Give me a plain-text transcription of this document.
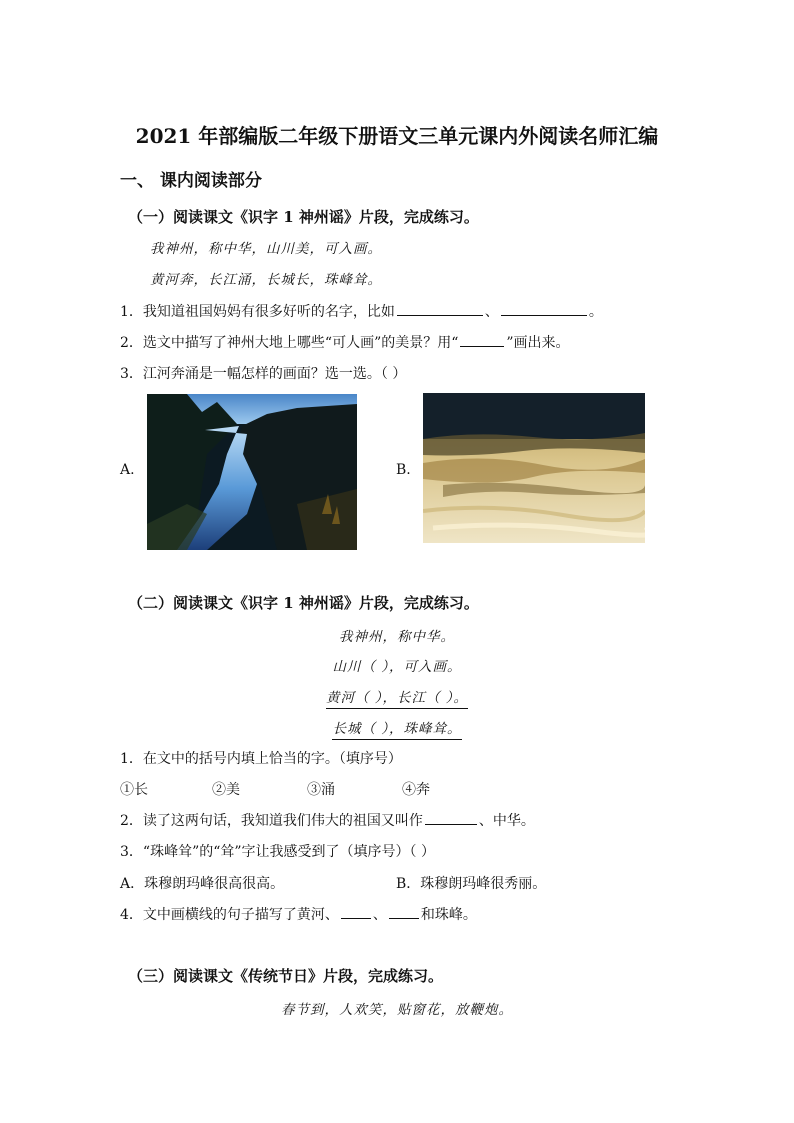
2021 年部编版二年级下册语文三单元课内外阅读名师汇编
一、 课内阅读部分
（一）阅读课文《识字 1 神州谣》片段，完成练习。
我神州，称中华，山川美，可入画。
黄河奔，长江涌，长城长，珠峰耸。
1．我知道祖国妈妈有很多好听的名字，比如	、	。
2．选文中描写了神州大地上哪些“可人画”的美景？用“	”画出来。
3．江河奔涌是一幅怎样的画面？选一选。（ ）
A.	B.
（二）阅读课文《识字 1 神州谣》片段，完成练习。
我神州，称中华。
山川（ ），可入画。
黄河（ ），长江（ ）。
长城（ ），珠峰耸。
1．在文中的括号内填上恰当的字。（填序号）
①长	②美	③涌	④奔
2．读了这两句话，我知道我们伟大的祖国又叫作	、中华。
3．“珠峰耸”的“耸”字让我感受到了（填序号）（ ）
A．珠穆朗玛峰很高很高。	B．珠穆朗玛峰很秀丽。
4．文中画横线的句子描写了黄河、 、 和珠峰。
（三）阅读课文《传统节日》片段，完成练习。
春节到，人欢笑，贴窗花，放鞭炮。
